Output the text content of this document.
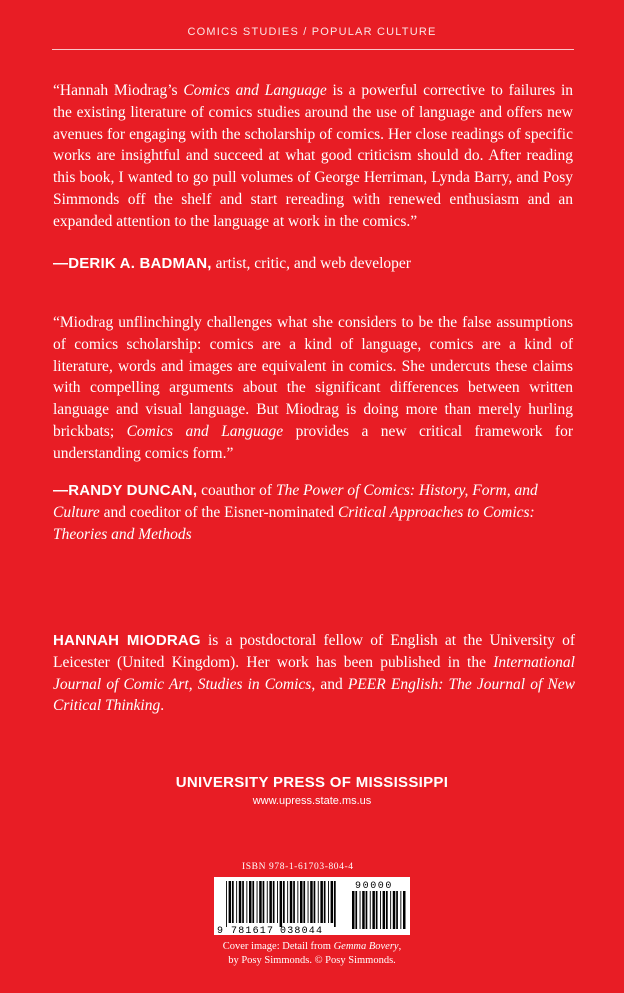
COMICS STUDIES / POPULAR CULTURE
“Hannah Miodrag’s Comics and Language is a powerful corrective to failures in the existing literature of comics studies around the use of language and offers new avenues for engaging with the scholarship of comics. Her close readings of specific works are insightful and succeed at what good criticism should do. After reading this book, I wanted to go pull volumes of George Herriman, Lynda Barry, and Posy Simmonds off the shelf and start rereading with renewed enthusiasm and an expanded attention to the language at work in the comics.”
—DERIK A. BADMAN, artist, critic, and web developer
“Miodrag unflinchingly challenges what she considers to be the false assumptions of comics scholarship: comics are a kind of language, comics are a kind of literature, words and images are equivalent in comics. She undercuts these claims with compelling arguments about the significant differences between written language and visual language. But Miodrag is doing more than merely hurling brickbats; Comics and Language provides a new critical framework for understanding comics form.”
—RANDY DUNCAN, coauthor of The Power of Comics: History, Form, and Culture and coeditor of the Eisner-nominated Critical Approaches to Comics: Theories and Methods
HANNAH MIODRAG is a postdoctoral fellow of English at the University of Leicester (United Kingdom). Her work has been published in the International Journal of Comic Art, Studies in Comics, and PEER English: The Journal of New Critical Thinking.
UNIVERSITY PRESS OF MISSISSIPPI
www.upress.state.ms.us
ISBN 978-1-61703-804-4
9 781617 038044
90000
Cover image: Detail from Gemma Bovery,
by Posy Simmonds. © Posy Simmonds.
